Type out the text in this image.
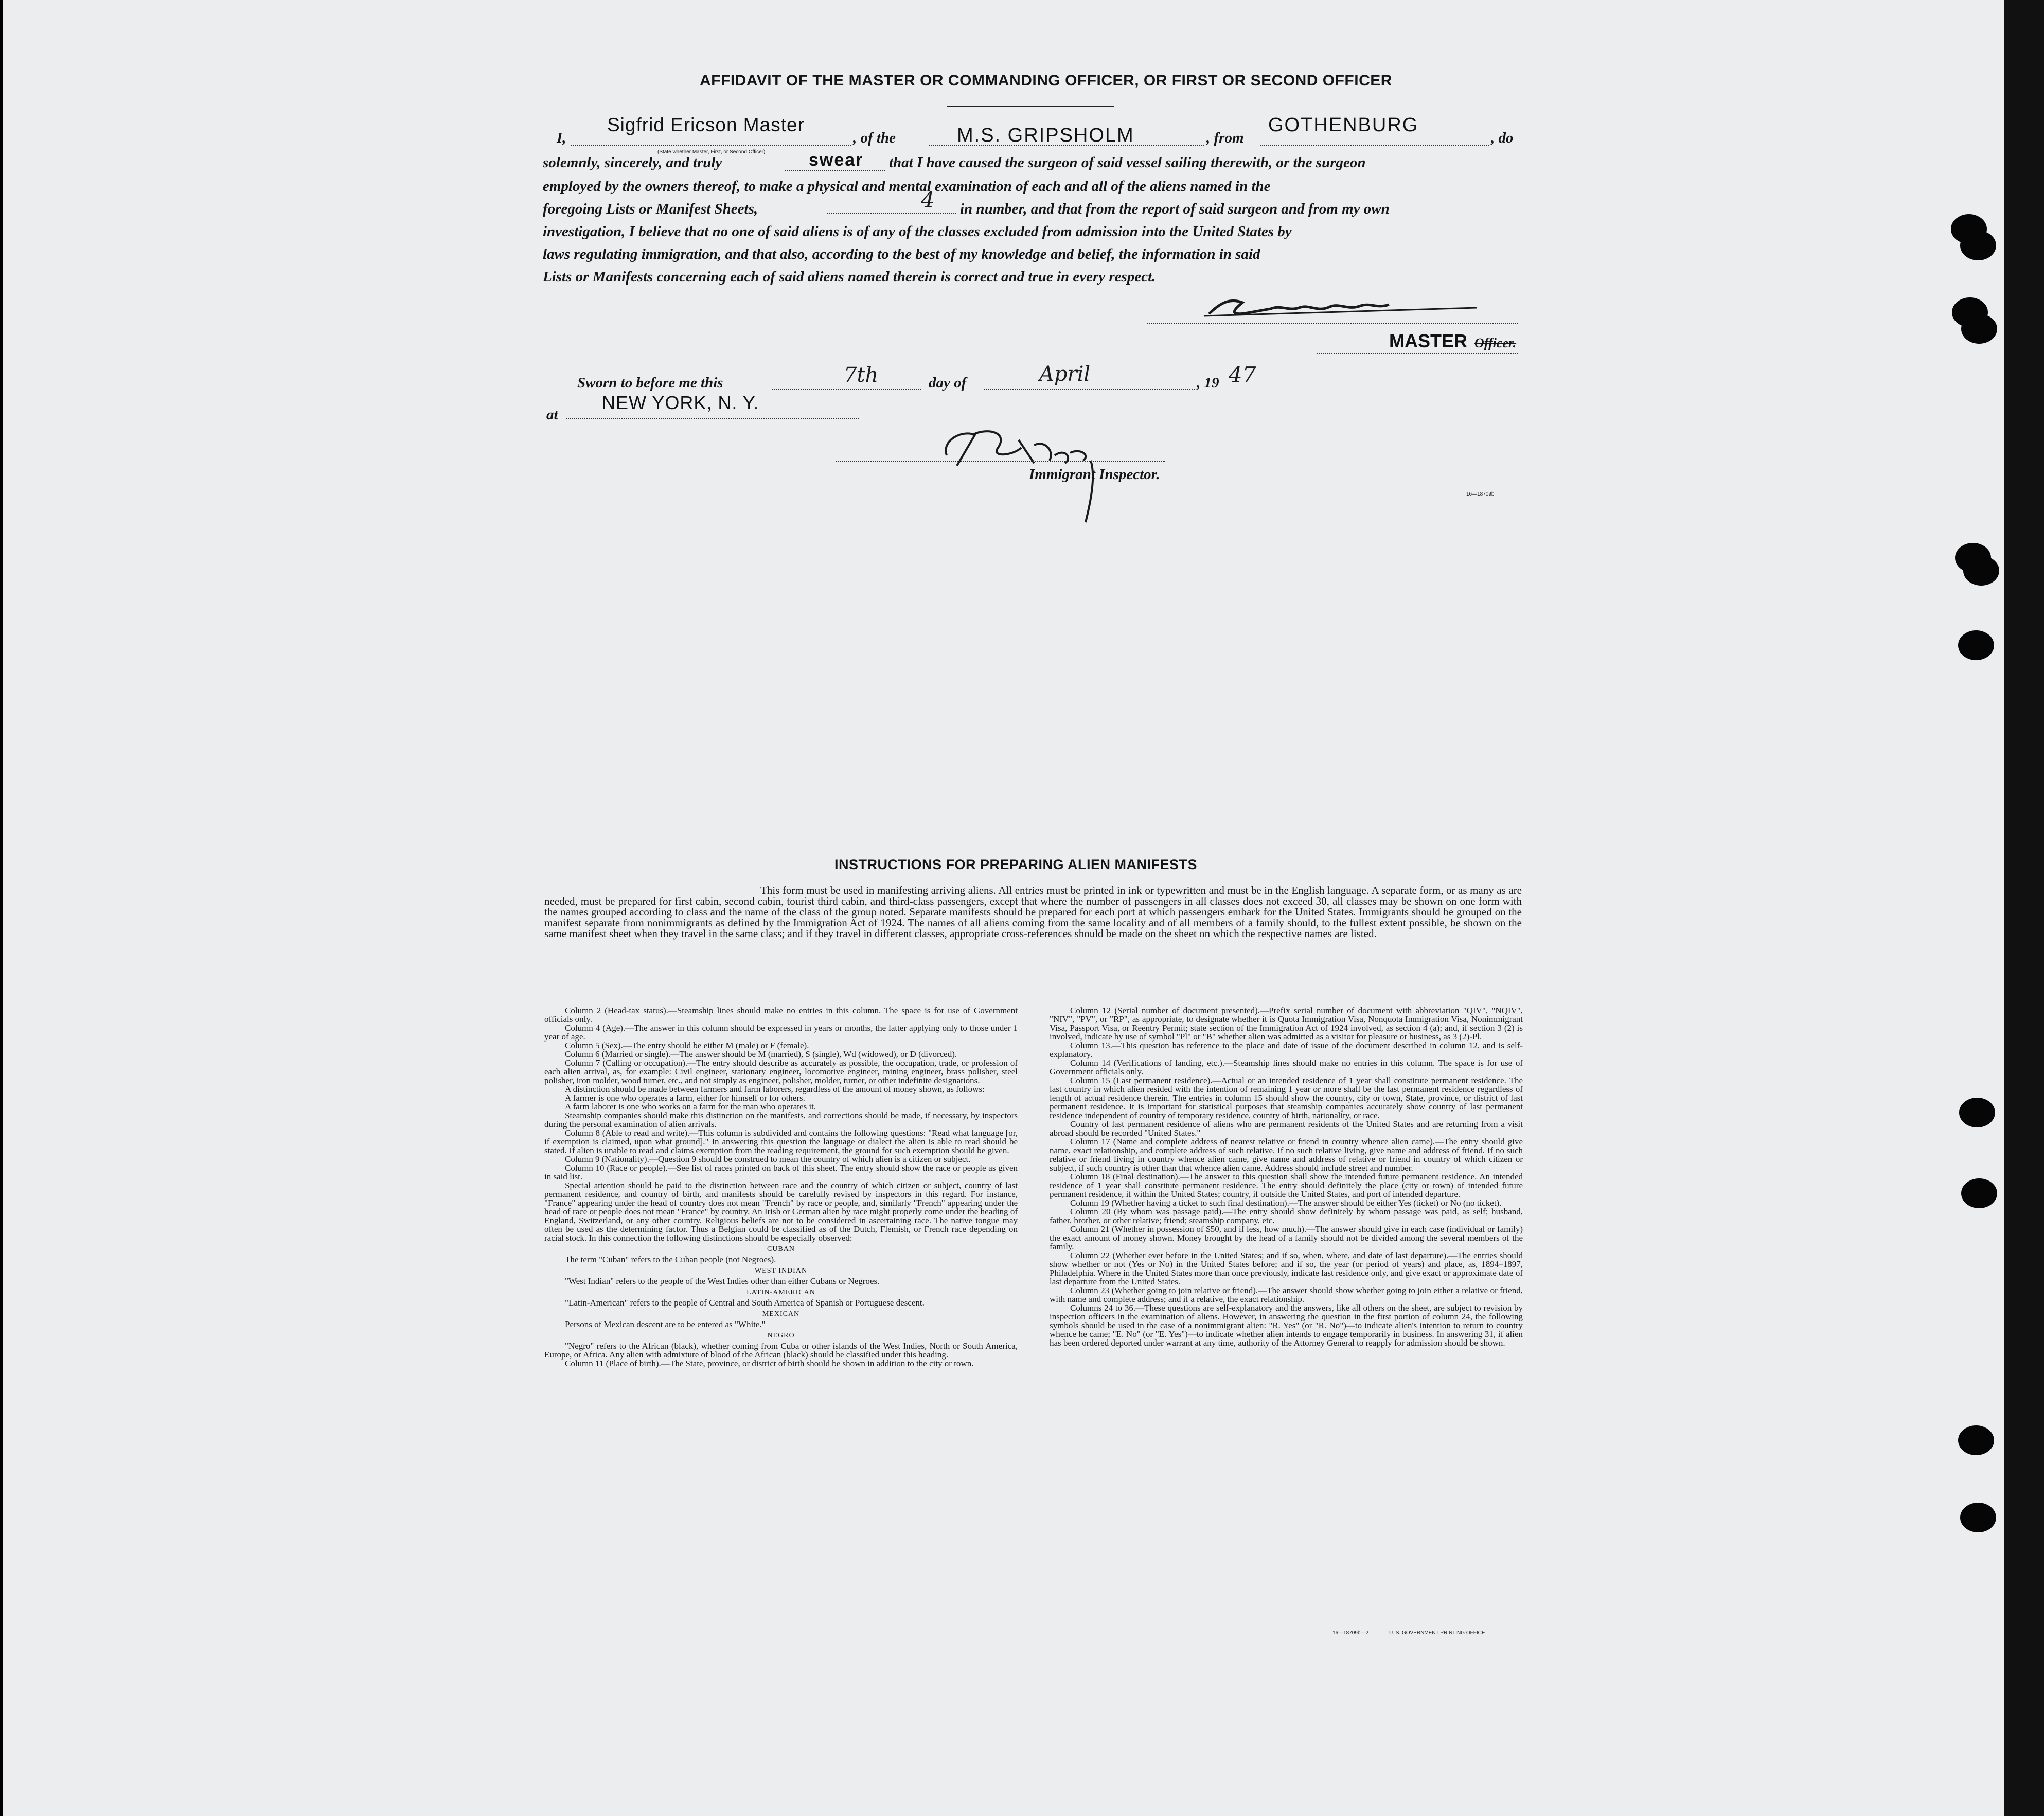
AFFIDAVIT OF THE MASTER OR COMMANDING OFFICER, OR FIRST OR SECOND OFFICER
I,
Sigfrid Ericson Master
(State whether Master, First, or Second Officer)
, of the	M.S. GRIPSHOLM	, from
GOTHENBURG
, do
solemnly, sincerely, and truly	swear that I have caused the surgeon of said vessel sailing therewith, or the surgeon
employed by the owners thereof, to make a physical and mental examination of each and all of the aliens named in the
foregoing Lists or Manifest Sheets,	4 in number, and that from the report of said surgeon and from my own
investigation, I believe that no one of said aliens is of any of the classes excluded from admission into the United States by
laws regulating immigration, and that also, according to the best of my knowledge and belief, the information in said
Lists or Manifests concerning each of said aliens named therein is correct and true in every respect.
MASTER Officer.
Sworn to before me this	7th	day of	April	, 19 47
at
NEW YORK, N. Y.
Immigrant Inspector.
16—18709b
INSTRUCTIONS FOR PREPARING ALIEN MANIFESTS
This form must be used in manifesting arriving aliens. All entries must be printed in ink or typewritten and must be in the English language. A separate form, or as many as are needed, must be prepared for first cabin, second cabin, tourist third cabin, and third-class passengers, except that where the number of passengers in all classes does not exceed 30, all classes may be shown on one form with the names grouped according to class and the name of the class of the group noted. Separate manifests should be prepared for each port at which passengers embark for the United States. Immigrants should be grouped on the manifest separate from nonimmigrants as defined by the Immigration Act of 1924. The names of all aliens coming from the same locality and of all members of a family should, to the fullest extent possible, be shown on the same manifest sheet when they travel in the same class; and if they travel in different classes, appropriate cross-references should be made on the sheet on which the respective names are listed.

Column 2 (Head-tax status).—Steamship lines should make no entries in this column. The space is for use of Government officials only.

Column 4 (Age).—The answer in this column should be expressed in years or months, the latter applying only to those under 1 year of age.

Column 5 (Sex).—The entry should be either M (male) or F (female).

Column 6 (Married or single).—The answer should be M (married), S (single), Wd (widowed), or D (divorced).

Column 7 (Calling or occupation).—The entry should describe as accurately as possible, the occupation, trade, or profession of each alien arrival, as, for example: Civil engineer, stationary engineer, locomotive engineer, mining engineer, brass polisher, steel polisher, iron molder, wood turner, etc., and not simply as engineer, polisher, molder, turner, or other indefinite designations.

A distinction should be made between farmers and farm laborers, regardless of the amount of money shown, as follows:

A farmer is one who operates a farm, either for himself or for others.

A farm laborer is one who works on a farm for the man who operates it.

Steamship companies should make this distinction on the manifests, and corrections should be made, if necessary, by inspectors during the personal examination of alien arrivals.

Column 8 (Able to read and write).—This column is subdivided and contains the following questions: "Read what language [or, if exemption is claimed, upon what ground]." In answering this question the language or dialect the alien is able to read should be stated. If alien is unable to read and claims exemption from the reading requirement, the ground for such exemption should be given.

Column 9 (Nationality).—Question 9 should be construed to mean the country of which alien is a citizen or subject.

Column 10 (Race or people).—See list of races printed on back of this sheet. The entry should show the race or people as given in said list.

Special attention should be paid to the distinction between race and the country of which citizen or subject, country of last permanent residence, and country of birth, and manifests should be carefully revised by inspectors in this regard. For instance, "France" appearing under the head of country does not mean "French" by race or people, and, similarly "French" appearing under the head of race or people does not mean "France" by country. An Irish or German alien by race might properly come under the heading of England, Switzerland, or any other country. Religious beliefs are not to be considered in ascertaining race. The native tongue may often be used as the determining factor. Thus a Belgian could be classified as of the Dutch, Flemish, or French race depending on racial stock. In this connection the following distinctions should be especially observed:

CUBAN

The term "Cuban" refers to the Cuban people (not Negroes).

WEST INDIAN

"West Indian" refers to the people of the West Indies other than either Cubans or Negroes.

LATIN-AMERICAN

"Latin-American" refers to the people of Central and South America of Spanish or Portuguese descent.

MEXICAN

Persons of Mexican descent are to be entered as "White."

NEGRO

"Negro" refers to the African (black), whether coming from Cuba or other islands of the West Indies, North or South America, Europe, or Africa. Any alien with admixture of blood of the African (black) should be classified under this heading.

Column 11 (Place of birth).—The State, province, or district of birth should be shown in addition to the city or town.

Column 12 (Serial number of document presented).—Prefix serial number of document with abbreviation "QIV", "NQIV", "NIV", "PV", or "RP", as appropriate, to designate whether it is Quota Immigration Visa, Nonquota Immigration Visa, Nonimmigrant Visa, Passport Visa, or Reentry Permit; state section of the Immigration Act of 1924 involved, as section 4 (a); and, if section 3 (2) is involved, indicate by use of symbol "Pl" or "B" whether alien was admitted as a visitor for pleasure or business, as 3 (2)-Pl.

Column 13.—This question has reference to the place and date of issue of the document described in column 12, and is self-explanatory.

Column 14 (Verifications of landing, etc.).—Steamship lines should make no entries in this column. The space is for use of Government officials only.

Column 15 (Last permanent residence).—Actual or an intended residence of 1 year shall constitute permanent residence. The last country in which alien resided with the intention of remaining 1 year or more shall be the last permanent residence regardless of length of actual residence therein. The entries in column 15 should show the country, city or town, State, province, or district of last permanent residence. It is important for statistical purposes that steamship companies accurately show country of last permanent residence independent of country of temporary residence, country of birth, nationality, or race.

Country of last permanent residence of aliens who are permanent residents of the United States and are returning from a visit abroad should be recorded "United States."

Column 17 (Name and complete address of nearest relative or friend in country whence alien came).—The entry should give name, exact relationship, and complete address of such relative. If no such relative living, give name and address of friend. If no such relative or friend living in country whence alien came, give name and address of relative or friend in country of which citizen or subject, if such country is other than that whence alien came. Address should include street and number.

Column 18 (Final destination).—The answer to this question shall show the intended future permanent residence. An intended residence of 1 year shall constitute permanent residence. The entry should definitely the place (city or town) of intended future permanent residence, if within the United States; country, if outside the United States, and port of intended departure.

Column 19 (Whether having a ticket to such final destination).—The answer should be either Yes (ticket) or No (no ticket).

Column 20 (By whom was passage paid).—The entry should show definitely by whom passage was paid, as self; husband, father, brother, or other relative; friend; steamship company, etc.

Column 21 (Whether in possession of $50, and if less, how much).—The answer should give in each case (individual or family) the exact amount of money shown. Money brought by the head of a family should not be divided among the several members of the family.

Column 22 (Whether ever before in the United States; and if so, when, where, and date of last departure).—The entries should show whether or not (Yes or No) in the United States before; and if so, the year (or period of years) and place, as, 1894–1897, Philadelphia. Where in the United States more than once previously, indicate last residence only, and give exact or approximate date of last departure from the United States.

Column 23 (Whether going to join relative or friend).—The answer should show whether going to join either a relative or friend, with name and complete address; and if a relative, the exact relationship.

Columns 24 to 36.—These questions are self-explanatory and the answers, like all others on the sheet, are subject to revision by inspection officers in the examination of aliens. However, in answering the question in the first portion of column 24, the following symbols should be used in the case of a nonimmigrant alien: "R. Yes" (or "R. No")—to indicate alien's intention to return to country whence he came; "E. No" (or "E. Yes")—to indicate whether alien intends to engage temporarily in business. In answering 31, if alien has been ordered deported under warrant at any time, authority of the Attorney General to reapply for admission should be shown.

16—18709b—2	U. S. GOVERNMENT PRINTING OFFICE
